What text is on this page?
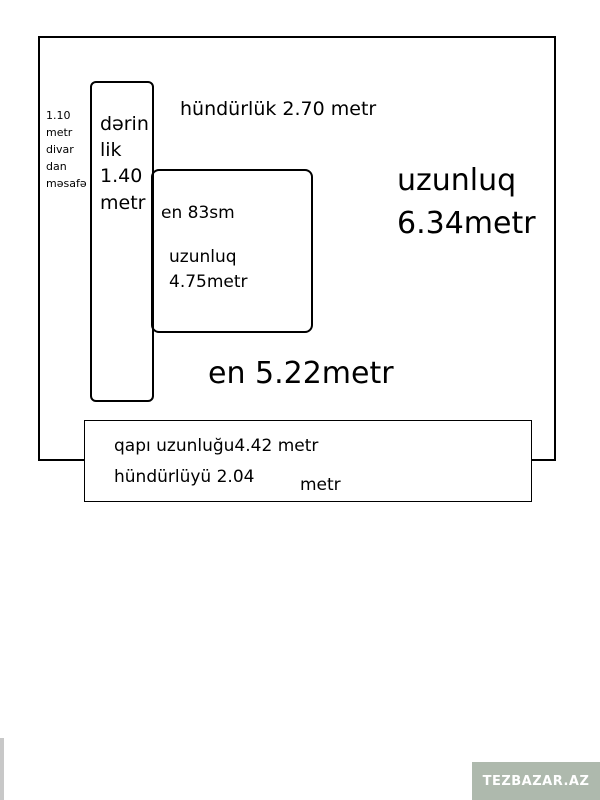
1.10
metr
divar
dan
məsafə
dərin
lik
1.40
metr
hündürlük 2.70 metr
uzunluq
6.34metr
en 83sm
uzunluq
4.75metr
en 5.22metr
qapı uzunluğu4.42 metr
hündürlüyü 2.04	metr
TEZBAZAR.AZ
